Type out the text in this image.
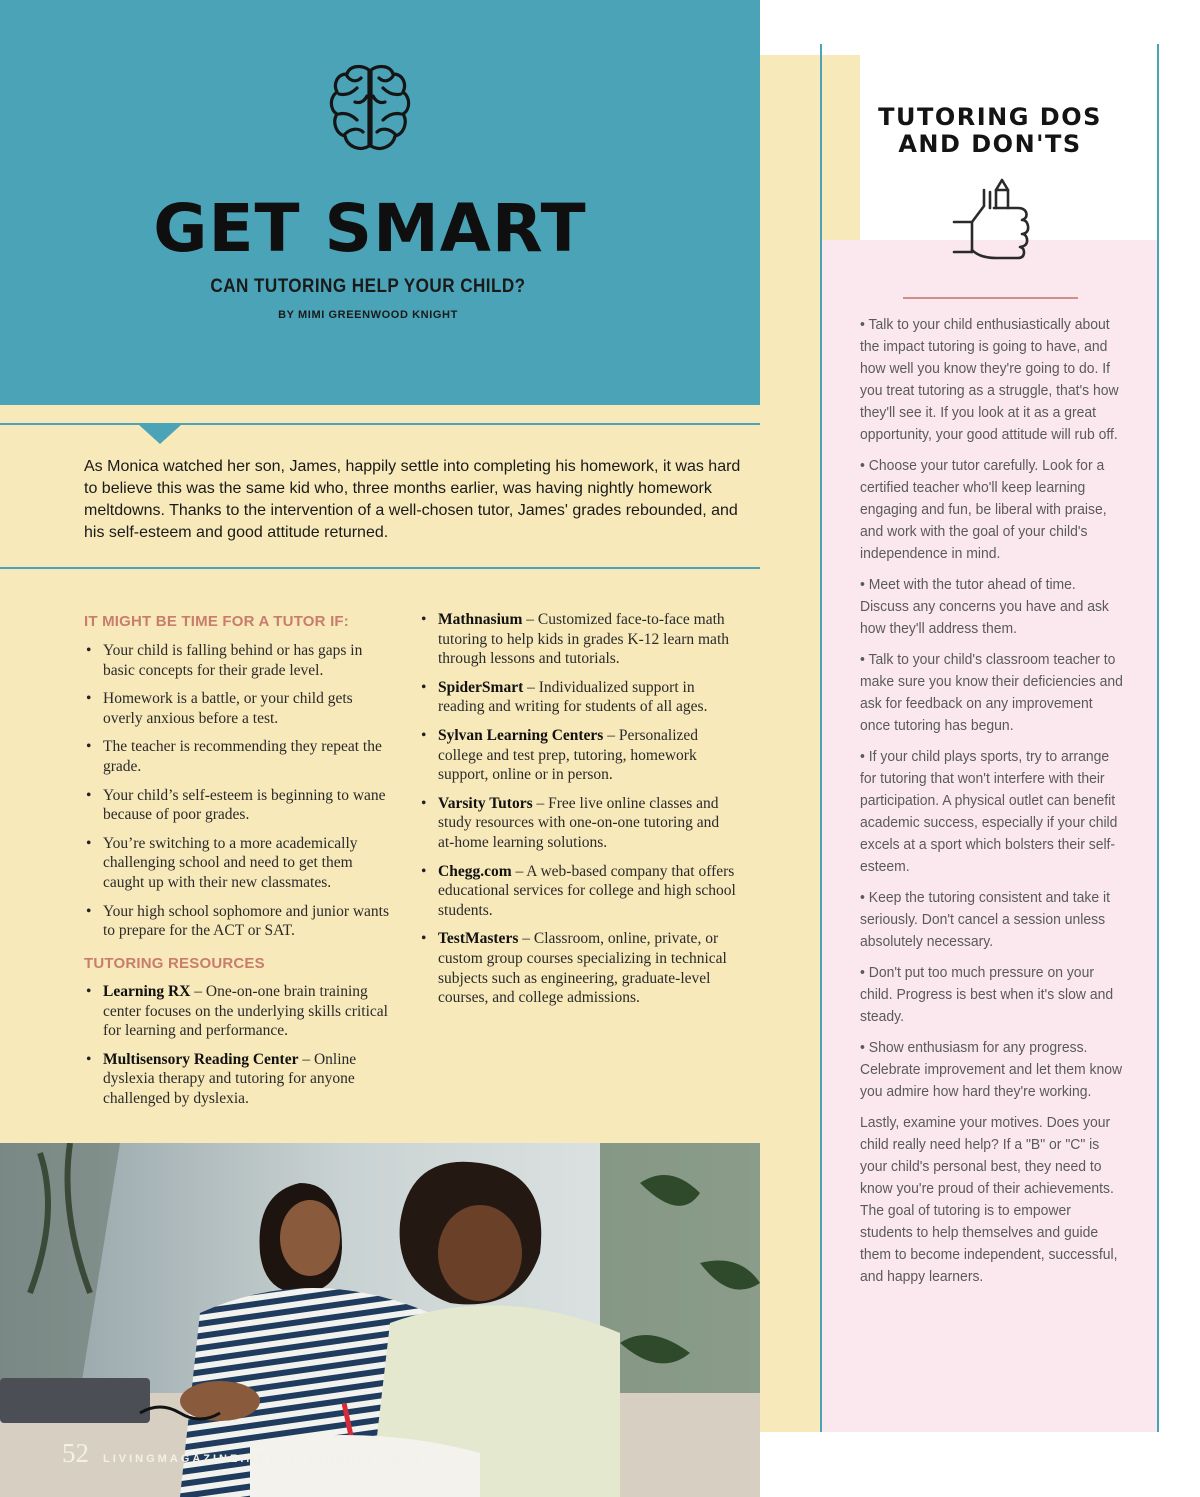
GET SMART
CAN TUTORING HELP YOUR CHILD?
BY MIMI GREENWOOD KNIGHT

As Monica watched her son, James, happily settle into completing his homework, it was hard to believe this was the same kid who, three months earlier, was having nightly homework meltdowns. Thanks to the intervention of a well-chosen tutor, James' grades rebounded, and his self-esteem and good attitude returned.

IT MIGHT BE TIME FOR A TUTOR IF:
• Your child is falling behind or has gaps in basic concepts for their grade level.
• Homework is a battle, or your child gets overly anxious before a test.
• The teacher is recommending they repeat the grade.
• Your child’s self-esteem is beginning to wane because of poor grades.
• You’re switching to a more academically challenging school and need to get them caught up with their new classmates.
• Your high school sophomore and junior wants to prepare for the ACT or SAT.
TUTORING RESOURCES
• Learning RX – One-on-one brain training center focuses on the underlying skills critical for learning and performance.
• Multisensory Reading Center – Online dyslexia therapy and tutoring for anyone challenged by dyslexia.
• Mathnasium – Customized face-to-face math tutoring to help kids in grades K-12 learn math through lessons and tutorials.
• SpiderSmart – Individualized support in reading and writing for students of all ages.
• Sylvan Learning Centers – Personalized college and test prep, tutoring, homework support, online or in person.
• Varsity Tutors – Free live online classes and study resources with one-on-one tutoring and at-home learning solutions.
• Chegg.com – A web-based company that offers educational services for college and high school students.
• TestMasters – Classroom, online, private, or custom group courses specializing in technical subjects such as engineering, graduate-level courses, and college admissions.
52 LIVINGMAGAZINE.NET | january 2021
TUTORING DOS AND DON'TS

• Talk to your child enthusiastically about the impact tutoring is going to have, and how well you know they're going to do. If you treat tutoring as a struggle, that's how they'll see it. If you look at it as a great opportunity, your good attitude will rub off.

• Choose your tutor carefully. Look for a certified teacher who'll keep learning engaging and fun, be liberal with praise, and work with the goal of your child's independence in mind.

• Meet with the tutor ahead of time. Discuss any concerns you have and ask how they'll address them.

• Talk to your child's classroom teacher to make sure you know their deficiencies and ask for feedback on any improvement once tutoring has begun.

• If your child plays sports, try to arrange for tutoring that won't interfere with their participation. A physical outlet can benefit academic success, especially if your child excels at a sport which bolsters their self-esteem.

• Keep the tutoring consistent and take it seriously. Don't cancel a session unless absolutely necessary.

• Don't put too much pressure on your child. Progress is best when it's slow and steady.

• Show enthusiasm for any progress. Celebrate improvement and let them know you admire how hard they're working.

Lastly, examine your motives. Does your child really need help? If a "B" or "C" is your child's personal best, they need to know you're proud of their achievements. The goal of tutoring is to empower students to help themselves and guide them to become independent, successful, and happy learners.
